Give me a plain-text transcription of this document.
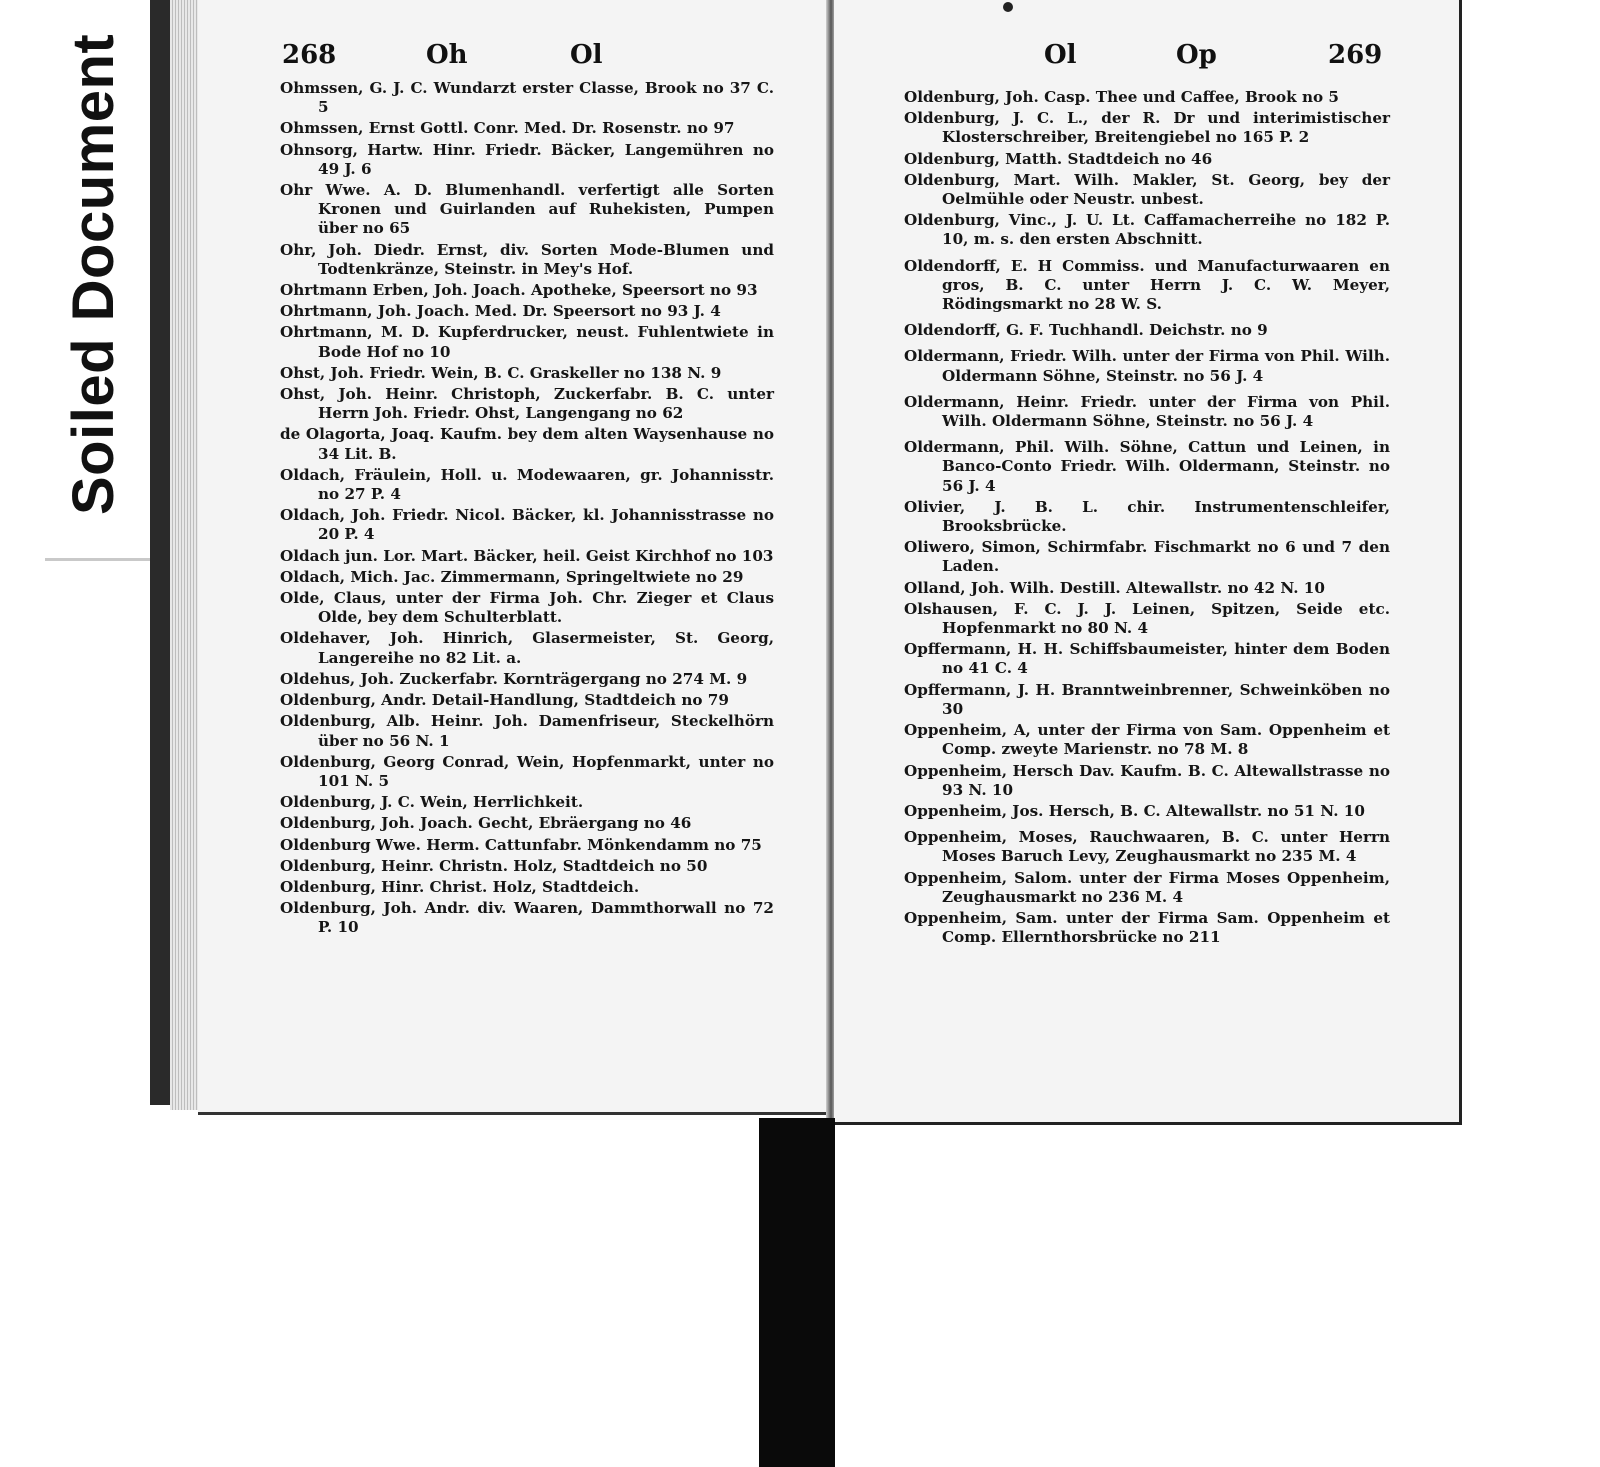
Soiled Document	268	Oh	Ol
Ohmssen, G. J. C. Wundarzt erster Classe, Brook no 37 C. 5
Ohmssen, Ernst Gottl. Conr. Med. Dr. Rosenstr. no 97
Ohnsorg, Hartw. Hinr. Friedr. Bäcker, Langemühren no 49 J. 6
Ohr Wwe. A. D. Blumenhandl. verfertigt alle Sorten Kronen und Guirlanden auf Ruhekisten, Pumpen über no 65
Ohr, Joh. Diedr. Ernst, div. Sorten Mode-Blumen und Todtenkränze, Steinstr. in Mey's Hof.
Ohrtmann Erben, Joh. Joach. Apotheke, Speersort no 93
Ohrtmann, Joh. Joach. Med. Dr. Speersort no 93 J. 4
Ohrtmann, M. D. Kupferdrucker, neust. Fuhlentwiete in Bode Hof no 10
Ohst, Joh. Friedr. Wein, B. C. Graskeller no 138 N. 9
Ohst, Joh. Heinr. Christoph, Zuckerfabr. B. C. unter Herrn Joh. Friedr. Ohst, Langengang no 62
de Olagorta, Joaq. Kaufm. bey dem alten Waysenhause no 34 Lit. B.
Oldach, Fräulein, Holl. u. Modewaaren, gr. Johannisstr. no 27 P. 4
Oldach, Joh. Friedr. Nicol. Bäcker, kl. Johannisstrasse no 20 P. 4
Oldach jun. Lor. Mart. Bäcker, heil. Geist Kirchhof no 103
Oldach, Mich. Jac. Zimmermann, Springeltwiete no 29
Olde, Claus, unter der Firma Joh. Chr. Zieger et Claus Olde, bey dem Schulterblatt.
Oldehaver, Joh. Hinrich, Glasermeister, St. Georg, Langereihe no 82 Lit. a.
Oldehus, Joh. Zuckerfabr. Kornträgergang no 274 M. 9
Oldenburg, Andr. Detail-Handlung, Stadtdeich no 79
Oldenburg, Alb. Heinr. Joh. Damenfriseur, Steckelhörn über no 56 N. 1
Oldenburg, Georg Conrad, Wein, Hopfenmarkt, unter no 101 N. 5
Oldenburg, J. C. Wein, Herrlichkeit.
Oldenburg, Joh. Joach. Gecht, Ebräergang no 46
Oldenburg Wwe. Herm. Cattunfabr. Mönkendamm no 75
Oldenburg, Heinr. Christn. Holz, Stadtdeich no 50
Oldenburg, Hinr. Christ. Holz, Stadtdeich.
Oldenburg, Joh. Andr. div. Waaren, Dammthorwall no 72 P. 10
Ol	Op	269
Oldenburg, Joh. Casp. Thee und Caffee, Brook no 5
Oldenburg, J. C. L., der R. Dr und interimistischer Klosterschreiber, Breitengiebel no 165 P. 2
Oldenburg, Matth. Stadtdeich no 46
Oldenburg, Mart. Wilh. Makler, St. Georg, bey der Oelmühle oder Neustr. unbest.
Oldenburg, Vinc., J. U. Lt. Caffamacherreihe no 182 P. 10, m. s. den ersten Abschnitt.
Oldendorff, E. H Commiss. und Manufacturwaaren en gros, B. C. unter Herrn J. C. W. Meyer, Rödingsmarkt no 28 W. S.
Oldendorff, G. F. Tuchhandl. Deichstr. no 9
Oldermann, Friedr. Wilh. unter der Firma von Phil. Wilh. Oldermann Söhne, Steinstr. no 56 J. 4
Oldermann, Heinr. Friedr. unter der Firma von Phil. Wilh. Oldermann Söhne, Steinstr. no 56 J. 4
Oldermann, Phil. Wilh. Söhne, Cattun und Leinen, in Banco-Conto Friedr. Wilh. Oldermann, Steinstr. no 56 J. 4
Olivier, J. B. L. chir. Instrumentenschleifer, Brooksbrücke.
Oliwero, Simon, Schirmfabr. Fischmarkt no 6 und 7 den Laden.
Olland, Joh. Wilh. Destill. Altewallstr. no 42 N. 10
Olshausen, F. C. J. J. Leinen, Spitzen, Seide etc. Hopfenmarkt no 80 N. 4
Opffermann, H. H. Schiffsbaumeister, hinter dem Boden no 41 C. 4
Opffermann, J. H. Branntweinbrenner, Schweinköben no 30
Oppenheim, A, unter der Firma von Sam. Oppenheim et Comp. zweyte Marienstr. no 78 M. 8
Oppenheim, Hersch Dav. Kaufm. B. C. Altewallstrasse no 93 N. 10
Oppenheim, Jos. Hersch, B. C. Altewallstr. no 51 N. 10
Oppenheim, Moses, Rauchwaaren, B. C. unter Herrn Moses Baruch Levy, Zeughausmarkt no 235 M. 4
Oppenheim, Salom. unter der Firma Moses Oppenheim, Zeughausmarkt no 236 M. 4
Oppenheim, Sam. unter der Firma Sam. Oppenheim et Comp. Ellernthorsbrücke no 211
